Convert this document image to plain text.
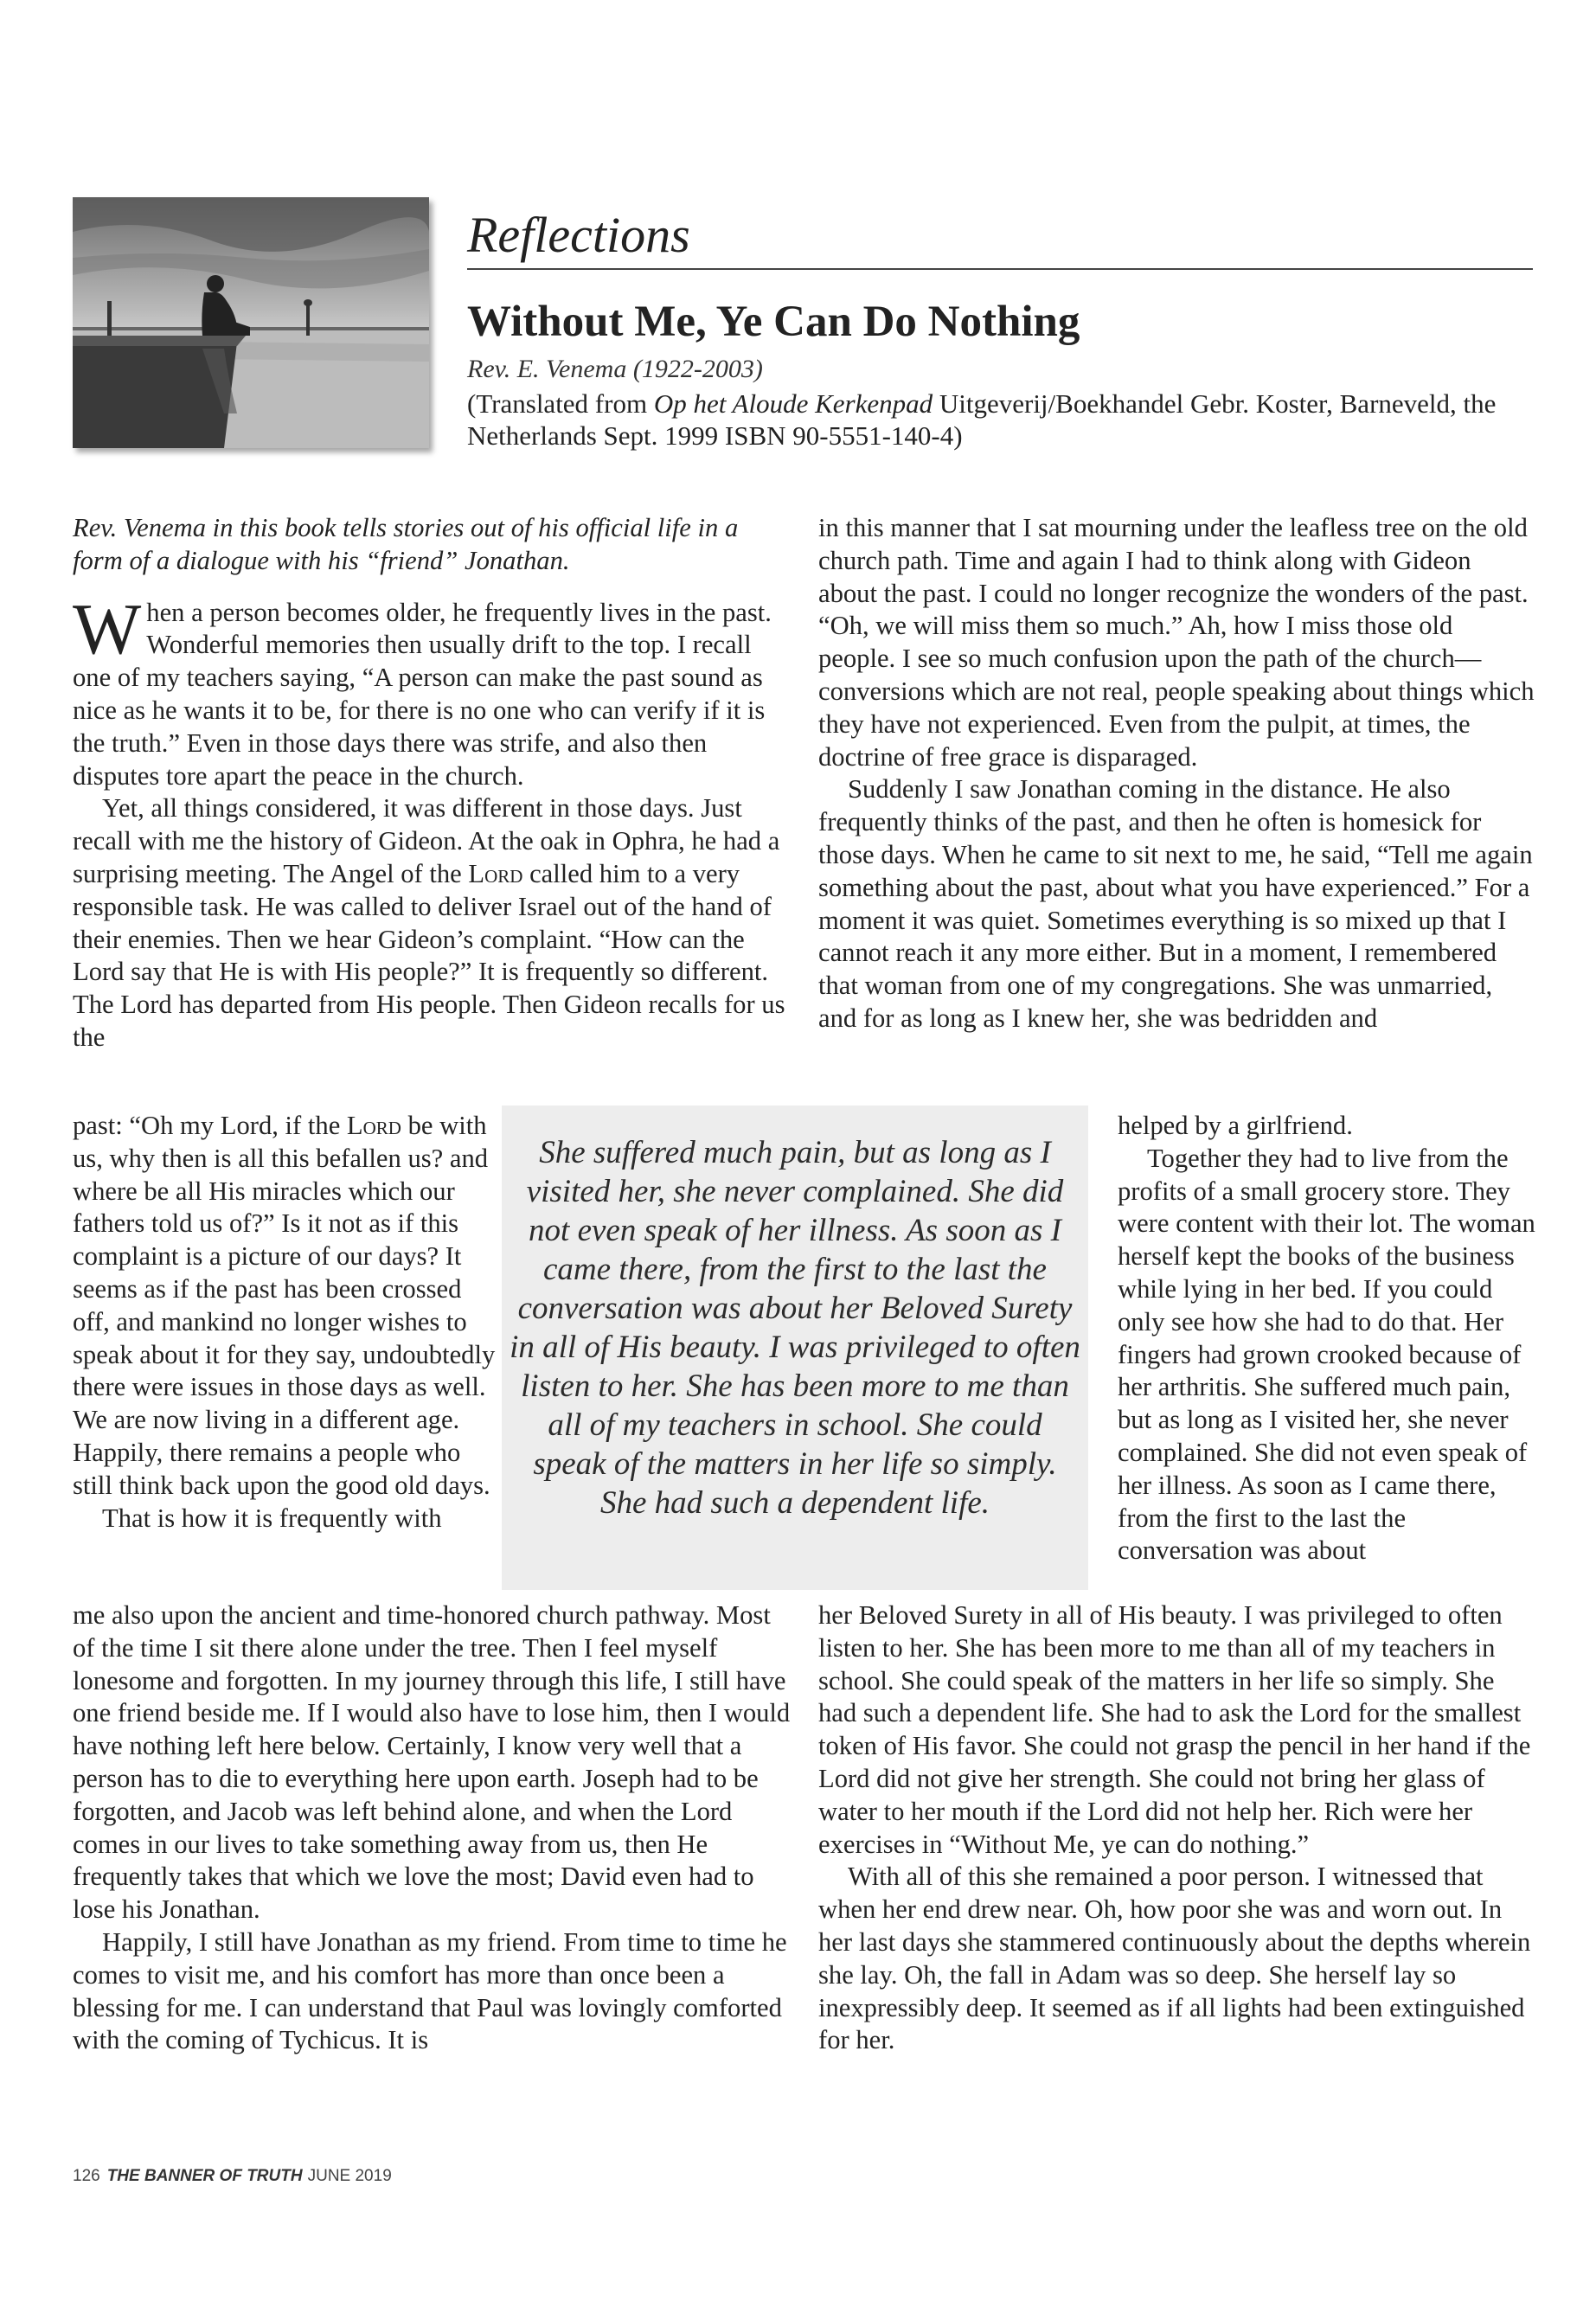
Reflections
Without Me, Ye Can Do Nothing
Rev. E. Venema (1922-2003)
(Translated from Op het Aloude Kerkenpad Uitgeverij/Boekhandel Gebr. Koster, Barneveld, the Netherlands Sept. 1999 ISBN 90-5551-140-4)

Rev. Venema in this book tells stories out of his official life in a form of a dialogue with his “friend” Jonathan.

When a person becomes older, he frequently lives in the past. Wonderful memories then usually drift to the top. I recall one of my teachers saying, “A person can make the past sound as nice as he wants it to be, for there is no one who can verify if it is the truth.” Even in those days there was strife, and also then disputes tore apart the peace in the church.

Yet, all things considered, it was different in those days. Just recall with me the history of Gideon. At the oak in Ophra, he had a surprising meeting. The Angel of the Lord called him to a very responsible task. He was called to deliver Israel out of the hand of their enemies. Then we hear Gideon’s complaint. “How can the Lord say that He is with His people?” It is frequently so different. The Lord has departed from His people. Then Gideon recalls for us the

past: “Oh my Lord, if the Lord be with us, why then is all this befallen us? and where be all His miracles which our fathers told us of?” Is it not as if this complaint is a picture of our days? It seems as if the past has been crossed off, and mankind no longer wishes to speak about it for they say, undoubtedly there were issues in those days as well. We are now living in a different age. Happily, there remains a people who still think back upon the good old days.

That is how it is frequently with

me also upon the ancient and time-honored church pathway. Most of the time I sit there alone under the tree. Then I feel myself lonesome and forgotten. In my journey through this life, I still have one friend beside me. If I would also have to lose him, then I would have nothing left here below. Certainly, I know very well that a person has to die to everything here upon earth. Joseph had to be forgotten, and Jacob was left behind alone, and when the Lord comes in our lives to take something away from us, then He frequently takes that which we love the most; David even had to lose his Jonathan.

Happily, I still have Jonathan as my friend. From time to time he comes to visit me, and his comfort has more than once been a blessing for me. I can understand that Paul was lovingly comforted with the coming of Tychicus. It is

in this manner that I sat mourning under the leafless tree on the old church path. Time and again I had to think along with Gideon about the past. I could no longer recognize the wonders of the past. “Oh, we will miss them so much.” Ah, how I miss those old people. I see so much confusion upon the path of the church—conversions which are not real, people speaking about things which they have not experienced. Even from the pulpit, at times, the doctrine of free grace is disparaged.

Suddenly I saw Jonathan coming in the distance. He also frequently thinks of the past, and then he often is homesick for those days. When he came to sit next to me, he said, “Tell me again something about the past, about what you have experienced.” For a moment it was quiet. Sometimes everything is so mixed up that I cannot reach it any more either. But in a moment, I remembered that woman from one of my congregations. She was unmarried, and for as long as I knew her, she was bedridden and

helped by a girlfriend.

Together they had to live from the profits of a small grocery store. They were content with their lot. The woman herself kept the books of the business while lying in her bed. If you could only see how she had to do that. Her fingers had grown crooked because of her arthritis. She suffered much pain, but as long as I visited her, she never complained. She did not even speak of her illness. As soon as I came there, from the first to the last the conversation was about

her Beloved Surety in all of His beauty. I was privileged to often listen to her. She has been more to me than all of my teachers in school. She could speak of the matters in her life so simply. She had such a dependent life. She had to ask the Lord for the smallest token of His favor. She could not grasp the pencil in her hand if the Lord did not give her strength. She could not bring her glass of water to her mouth if the Lord did not help her. Rich were her exercises in “Without Me, ye can do nothing.”

With all of this she remained a poor person. I witnessed that when her end drew near. Oh, how poor she was and worn out. In her last days she stammered continuously about the depths wherein she lay. Oh, the fall in Adam was so deep. She herself lay so inexpressibly deep. It seemed as if all lights had been extinguished for her.

She suffered much pain, but as long as I visited her, she never complained. She did not even speak of her illness. As soon as I came there, from the first to the last the conversation was about her Beloved Surety in all of His beauty. I was privileged to often listen to her. She has been more to me than all of my teachers in school. She could speak of the matters in her life so simply. She had such a dependent life.
126 THE BANNER OF TRUTH JUNE 2019
